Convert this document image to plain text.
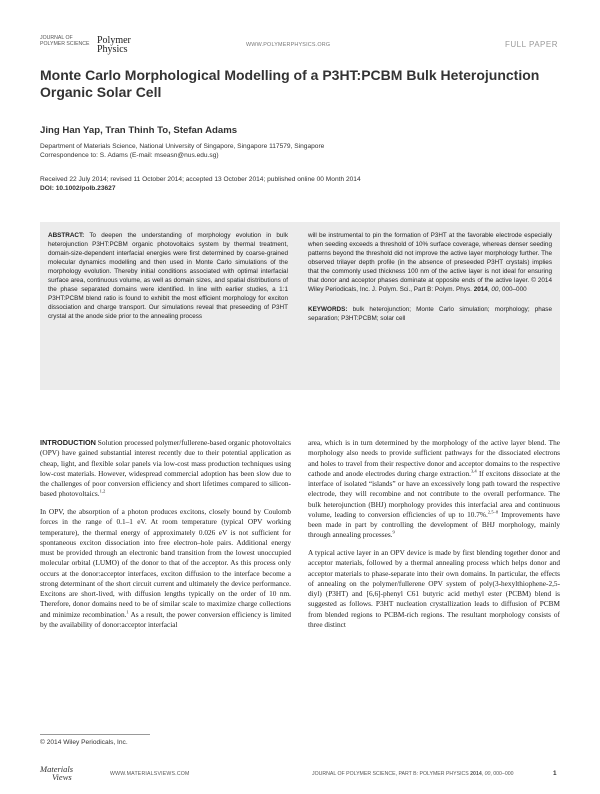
JOURNAL OF
POLYMER SCIENCE Polymer
Physics	WWW.POLYMERPHYSICS.ORG	FULL PAPER
Monte Carlo Morphological Modelling of a P3HT:PCBM Bulk Heterojunction Organic Solar Cell
Jing Han Yap, Tran Thinh To, Stefan Adams
Department of Materials Science, National University of Singapore, Singapore 117579, Singapore
Correspondence to: S. Adams (E-mail: mseasn@nus.edu.sg)
Received 22 July 2014; revised 11 October 2014; accepted 13 October 2014; published online 00 Month 2014
DOI: 10.1002/polb.23627
ABSTRACT: To deepen the understanding of morphology evolution in bulk heterojunction P3HT:PCBM organic photovoltaics system by thermal treatment, domain-size-dependent interfacial energies were first determined by coarse-grained molecular dynamics modelling and then used in Monte Carlo simulations of the morphology evolution. Thereby initial conditions associated with optimal interfacial surface area, continuous volume, as well as domain sizes, and spatial distributions of the phase separated domains were identified. In line with earlier studies, a 1:1 P3HT:PCBM blend ratio is found to exhibit the most efficient morphology for exciton dissociation and charge transport. Our simulations reveal that preseeding of P3HT crystal at the anode side prior to the annealing process
will be instrumental to pin the formation of P3HT at the favorable electrode especially when seeding exceeds a threshold of 10% surface coverage, whereas denser seeding patterns beyond the threshold did not improve the active layer morphology further. The observed trilayer depth profile (in the absence of preseeded P3HT crystals) implies that the commonly used thickness 100 nm of the active layer is not ideal for ensuring that donor and acceptor phases dominate at opposite ends of the active layer. © 2014 Wiley Periodicals, Inc. J. Polym. Sci., Part B: Polym. Phys. 2014, 00, 000–000
KEYWORDS: bulk heterojunction; Monte Carlo simulation; morphology; phase separation; P3HT:PCBM; solar cell

INTRODUCTION Solution processed polymer/fullerene-based organic photovoltaics (OPV) have gained substantial interest recently due to their potential application as cheap, light, and flexible solar panels via low-cost mass production techniques using low-cost materials. However, widespread commercial adoption has been slow due to the challenges of poor conversion efficiency and short lifetimes compared to silicon-based photovoltaics.$^{1,2}$

In OPV, the absorption of a photon produces excitons, closely bound by Coulomb forces in the range of 0.1–1 eV. At room temperature (typical OPV working temperature), the thermal energy of approximately 0.026 eV is not sufficient for spontaneous exciton dissociation into free electron–hole pairs. Additional energy must be provided through an electronic band transition from the lowest unoccupied molecular orbital (LUMO) of the donor to that of the acceptor. As this process only occurs at the donor:acceptor interfaces, exciton diffusion to the interface become a strong determinant of the short circuit current and ultimately the device performance. Excitons are short-lived, with diffusion lengths typically on the order of 10 nm. Therefore, donor domains need to be of similar scale to maximize charge collections and minimize recombination.$^1$ As a result, the power conversion efficiency is limited by the availability of donor:acceptor interfacial

area, which is in turn determined by the morphology of the active layer blend. The morphology also needs to provide sufficient pathways for the dissociated electrons and holes to travel from their respective donor and acceptor domains to the respective cathode and anode electrodes during charge extraction.$^{3,4}$ If excitons dissociate at the interface of isolated “islands” or have an excessively long path toward the respective electrode, they will recombine and not contribute to the overall performance. The bulk heterojunction (BHJ) morphology provides this interfacial area and continuous volume, leading to conversion efficiencies of up to 10.7%.$^{2,5-8}$ Improvements have been made in part by controlling the development of BHJ morphology, mainly through annealing processes.$^9$

A typical active layer in an OPV device is made by first blending together donor and acceptor materials, followed by a thermal annealing process which helps donor and acceptor materials to phase-separate into their own domains. In particular, the effects of annealing on the polymer/fullerene OPV system of poly(3-hexylthiophene-2,5-diyl) (P3HT) and [6,6]-phenyl C61 butyric acid methyl ester (PCBM) blend is suggested as follows. P3HT nucleation crystallization leads to diffusion of PCBM from blended regions to PCBM-rich regions. The resultant morphology consists of three distinct

© 2014 Wiley Periodicals, Inc.
Materials
Views	WWW.MATERIALSVIEWS.COM	JOURNAL OF POLYMER SCIENCE, PART B: POLYMER PHYSICS 2014, 00, 000–000	1
